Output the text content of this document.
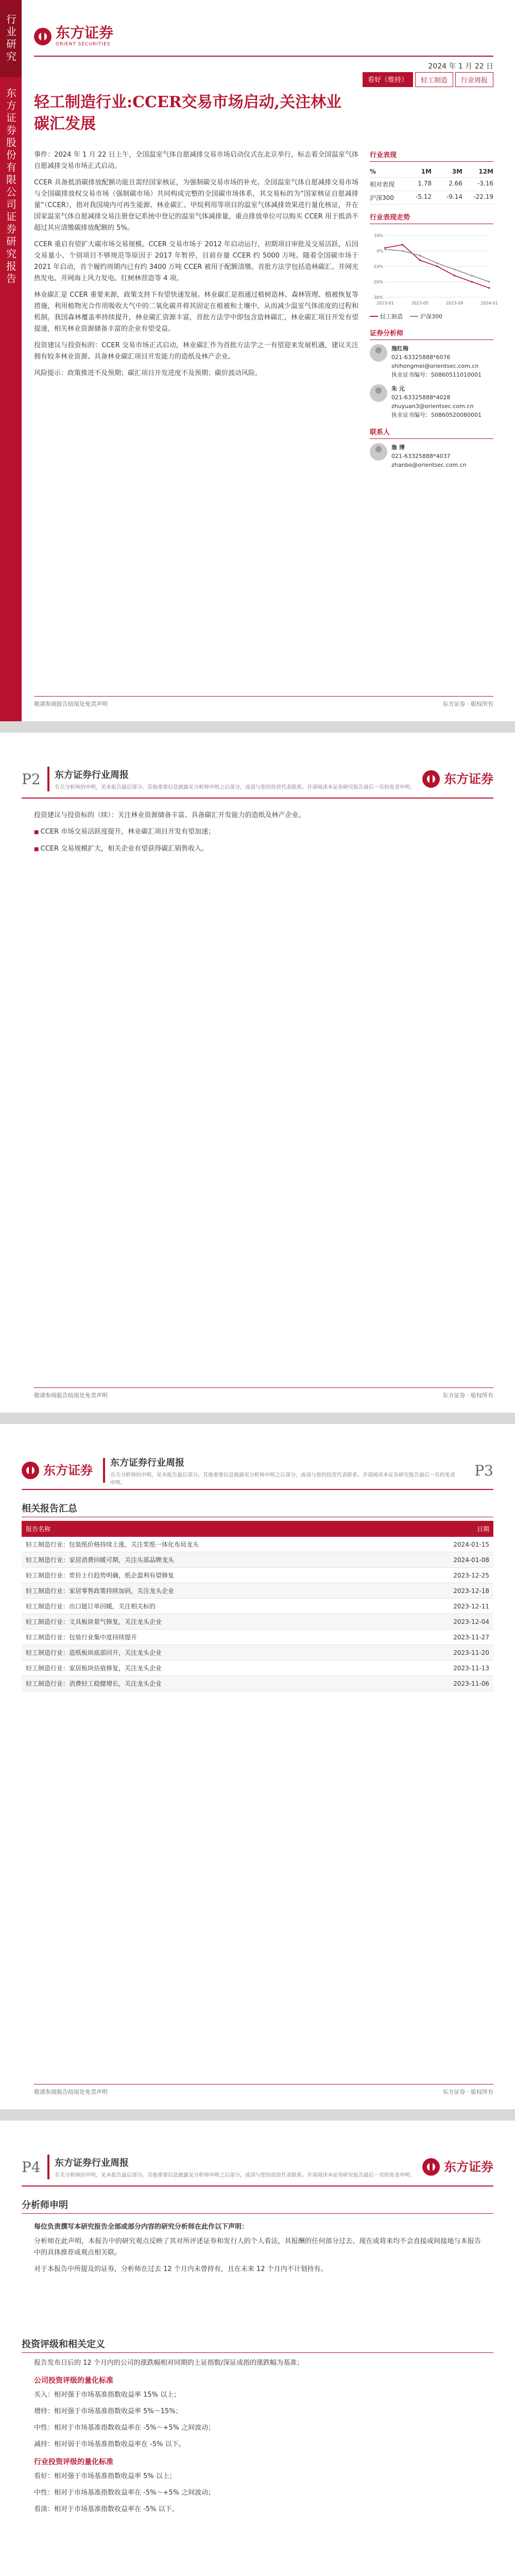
行业研究
东方证券股份有限公司证券研究报告
东方证券
ORIENT SECURITIES
2024 年 1 月 22 日
看好（维持）	轻工制造	行业周报
轻工制造行业:CCER交易市场启动,关注林业碳汇发展

事件：2024 年 1 月 22 日上午，全国温室气体自愿减排交易市场启动仪式在北京举行，标志着全国温室气体自愿减排交易市场正式启动。

CCER 具备抵消碳排放配额功能且需经国家核证，为强制碳交易市场的补充。全国温室气体自愿减排交易市场与全国碳排放权交易市场（强制碳市场）共同构成完整的全国碳市场体系，其交易标的为“国家核证自愿减排量”（CCER），指对我国境内可再生能源、林业碳汇、甲烷利用等项目的温室气体减排效果进行量化核证，并在国家温室气体自愿减排交易注册登记系统中登记的温室气体减排量。重点排放单位可以购买 CCER 用于抵消不超过其应清缴碳排放配额的 5%。

CCER 重启有望扩大碳市场交易规模。CCER 交易市场于 2012 年启动运行，初期项目审批及交易活跃，后因交易量小、个别项目不够规范等原因于 2017 年暂停，目前存量 CCER 约 5000 万吨。随着全国碳市场于 2021 年启动，首个履约周期内已有约 3400 万吨 CCER 被用于配额清缴。首批方法学包括造林碳汇、并网光热发电、并网海上风力发电、红树林营造等 4 项。

林业碳汇是 CCER 重要来源，政策支持下有望快速发展。林业碳汇是指通过植树造林、森林管理、植被恢复等措施，利用植物光合作用吸收大气中的二氧化碳并将其固定在植被和土壤中，从而减少温室气体浓度的过程和机制。我国森林覆盖率持续提升，林业碳汇资源丰富，首批方法学中即包含造林碳汇，林业碳汇项目开发有望提速，相关林业资源储备丰富的企业有望受益。

投资建议与投资标的：CCER 交易市场正式启动，林业碳汇作为首批方法学之一有望迎来发展机遇，建议关注拥有较多林业资源、具备林业碳汇项目开发能力的造纸及林产企业。

风险提示：政策推进不及预期；碳汇项目开发进度不及预期；碳价波动风险。

行业表现
%	1M	3M	12M
相对表现	1.78	2.66	-3.16
沪深300	-5.12	-9.14	-22.19
行业表现走势
-30%
-20%
-10%
0%
10%
2023-01	2023-05	2023-09	2024-01
轻工制造	沪深300
证券分析师
施红梅
021-63325888*6076
shihongmei@orientsec.com.cn
执业证书编号：S0860511010001
朱 元
021-63325888*4028
zhuyuan3@orientsec.com.cn
执业证书编号：S0860520080001
联系人
詹 博
021-63325888*4037
zhanbo@orientsec.com.cn
敬请参阅报告结尾处免责声明	东方证券 · 版权所有
P2	东方证券行业周报
有关分析师的申明，见本报告最后部分。其他重要信息披露见分析师申明之后部分，或请与您的投资代表联系。并请阅读本证券研究报告最后一页的免责申明。
东方证券

投资建议与投资标的（续）：关注林业资源储备丰富、具备碳汇开发能力的造纸及林产企业。

■ CCER 市场交易活跃度提升，林业碳汇项目开发有望加速；

■ CCER 交易规模扩大，相关企业有望获得碳汇销售收入。

敬请参阅报告结尾处免责声明	东方证券 · 版权所有
东方证券 东方证券行业周报
有关分析师的申明，见本报告最后部分。其他重要信息披露见分析师申明之后部分，或请与您的投资代表联系。并请阅读本证券研究报告最后一页的免责申明。
P3
相关报告汇总
报告名称	日期
轻工制造行业：包装纸价格持续上涨，关注浆纸一体化布局龙头	2024-01-15
轻工制造行业：家居消费回暖可期，关注头部品牌龙头	2024-01-08
轻工制造行业：浆价上行趋势明确，纸企盈利有望修复	2023-12-25
轻工制造行业：家居零售政策持续加码，关注龙头企业	2023-12-18
轻工制造行业：出口链订单回暖，关注相关标的	2023-12-11
轻工制造行业：文具板块景气修复，关注龙头企业	2023-12-04
轻工制造行业：包装行业集中度持续提升	2023-11-27
轻工制造行业：造纸板块底部回升，关注龙头企业	2023-11-20
轻工制造行业：家居板块估值修复，关注龙头企业	2023-11-13
轻工制造行业：消费轻工稳健增长，关注龙头企业	2023-11-06
敬请参阅报告结尾处免责声明	东方证券 · 版权所有
P4	东方证券行业周报
有关分析师的申明，见本报告最后部分。其他重要信息披露见分析师申明之后部分，或请与您的投资代表联系。并请阅读本证券研究报告最后一页的免责申明。
东方证券
分析师申明
每位负责撰写本研究报告全部或部分内容的研究分析师在此作以下声明：

分析师在此声明，本报告中的研究观点反映了其对所评述证券和发行人的个人看法，其报酬的任何部分过去、现在或将来均不会直接或间接地与本报告中的具体推荐或观点相关联。

对于本报告中所提及的证券，分析师在过去 12 个月内未曾持有，且在未来 12 个月内不计划持有。

投资评级和相关定义

报告发布日后的 12 个月内的公司的涨跌幅相对同期的上证指数/深证成指的涨跌幅为基准；

公司投资评级的量化标准

买入：相对强于市场基准指数收益率 15% 以上；

增持：相对强于市场基准指数收益率 5%～15%；

中性：相对于市场基准指数收益率在 -5%～+5% 之间波动；

减持：相对弱于市场基准指数收益率在 -5% 以下。

行业投资评级的量化标准

看好：相对强于市场基准指数收益率 5% 以上；

中性：相对于市场基准指数收益率在 -5%～+5% 之间波动；

看淡：相对于市场基准指数收益率在 -5% 以下。
